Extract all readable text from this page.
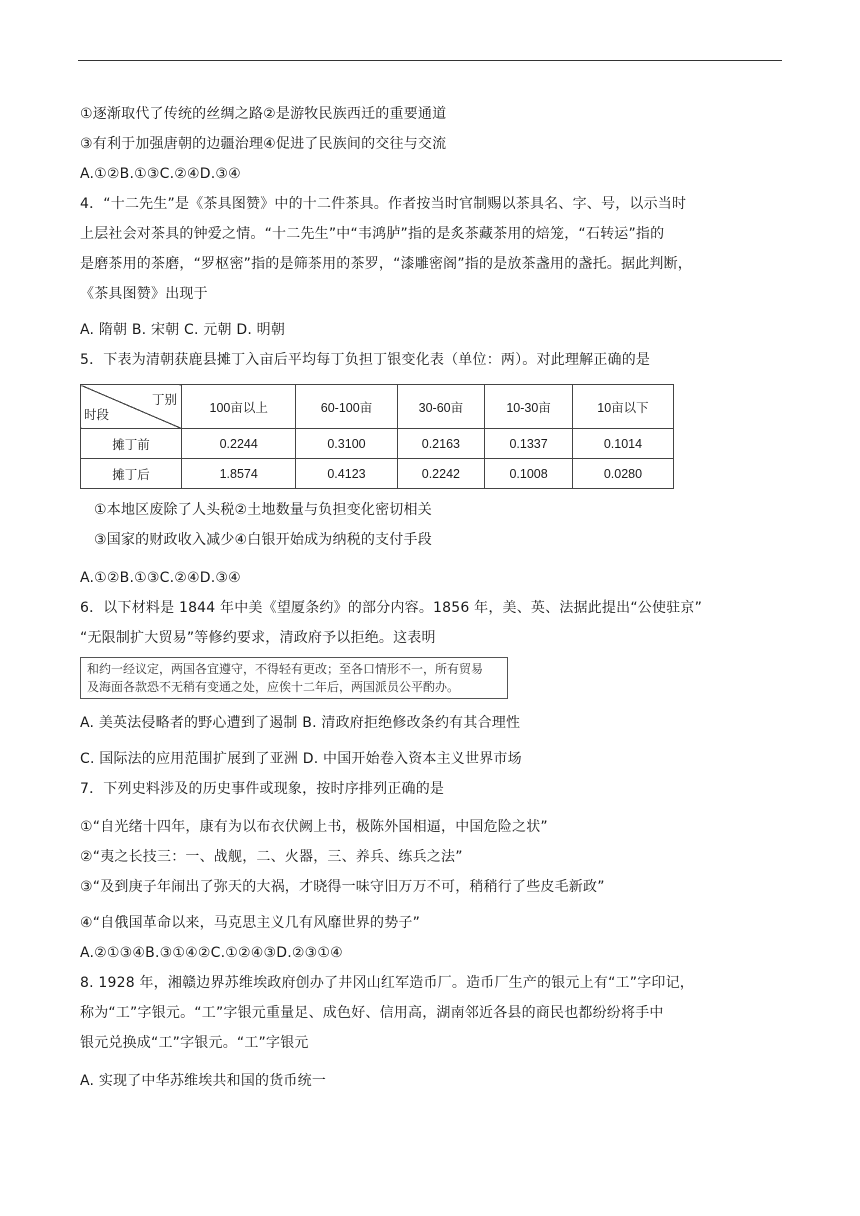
①逐渐取代了传统的丝绸之路②是游牧民族西迁的重要通道
③有利于加强唐朝的边疆治理④促进了民族间的交往与交流
A.①②B.①③C.②④D.③④
4．“十二先生”是《茶具图赞》中的十二件茶具。作者按当时官制赐以茶具名、字、号，以示当时
上层社会对茶具的钟爱之情。“十二先生”中“韦鸿胪”指的是炙茶藏茶用的焙笼，“石转运”指的
是磨茶用的茶磨，“罗枢密”指的是筛茶用的茶罗，“漆雕密阁”指的是放茶盏用的盏托。据此判断，
《茶具图赞》出现于
A. 隋朝 B. 宋朝 C. 元朝 D. 明朝
5．下表为清朝获鹿县摊丁入亩后平均每丁负担丁银变化表（单位：两）。对此理解正确的是
丁别
时段	100亩以上	60-100亩	30-60亩	10-30亩	10亩以下
摊丁前	0.2244	0.3100	0.2163	0.1337	0.1014
摊丁后	1.8574	0.4123	0.2242	0.1008	0.0280
①本地区废除了人头税②土地数量与负担变化密切相关
③国家的财政收入减少④白银开始成为纳税的支付手段
A.①②B.①③C.②④D.③④
6．以下材料是 1844 年中美《望厦条约》的部分内容。1856 年，美、英、法据此提出“公使驻京”
“无限制扩大贸易”等修约要求，清政府予以拒绝。这表明
和约一经议定，两国各宜遵守，不得轻有更改；至各口情形不一，所有贸易
及海面各款恐不无稍有变通之处，应俟十二年后，两国派员公平酌办。
A. 美英法侵略者的野心遭到了遏制 B. 清政府拒绝修改条约有其合理性
C. 国际法的应用范围扩展到了亚洲 D. 中国开始卷入资本主义世界市场
7．下列史料涉及的历史事件或现象，按时序排列正确的是
①“自光绪十四年，康有为以布衣伏阙上书，极陈外国相逼，中国危险之状”
②“夷之长技三：一、战舰，二、火器，三、养兵、练兵之法”
③“及到庚子年闹出了弥天的大祸，才晓得一味守旧万万不可，稍稍行了些皮毛新政”
④“自俄国革命以来，马克思主义几有风靡世界的势子”
A.②①③④B.③①④②C.①②④③D.②③①④
8. 1928 年，湘赣边界苏维埃政府创办了井冈山红军造币厂。造币厂生产的银元上有“工”字印记，
称为“工”字银元。“工”字银元重量足、成色好、信用高，湖南邻近各县的商民也都纷纷将手中
银元兑换成“工”字银元。“工”字银元
A. 实现了中华苏维埃共和国的货币统一
